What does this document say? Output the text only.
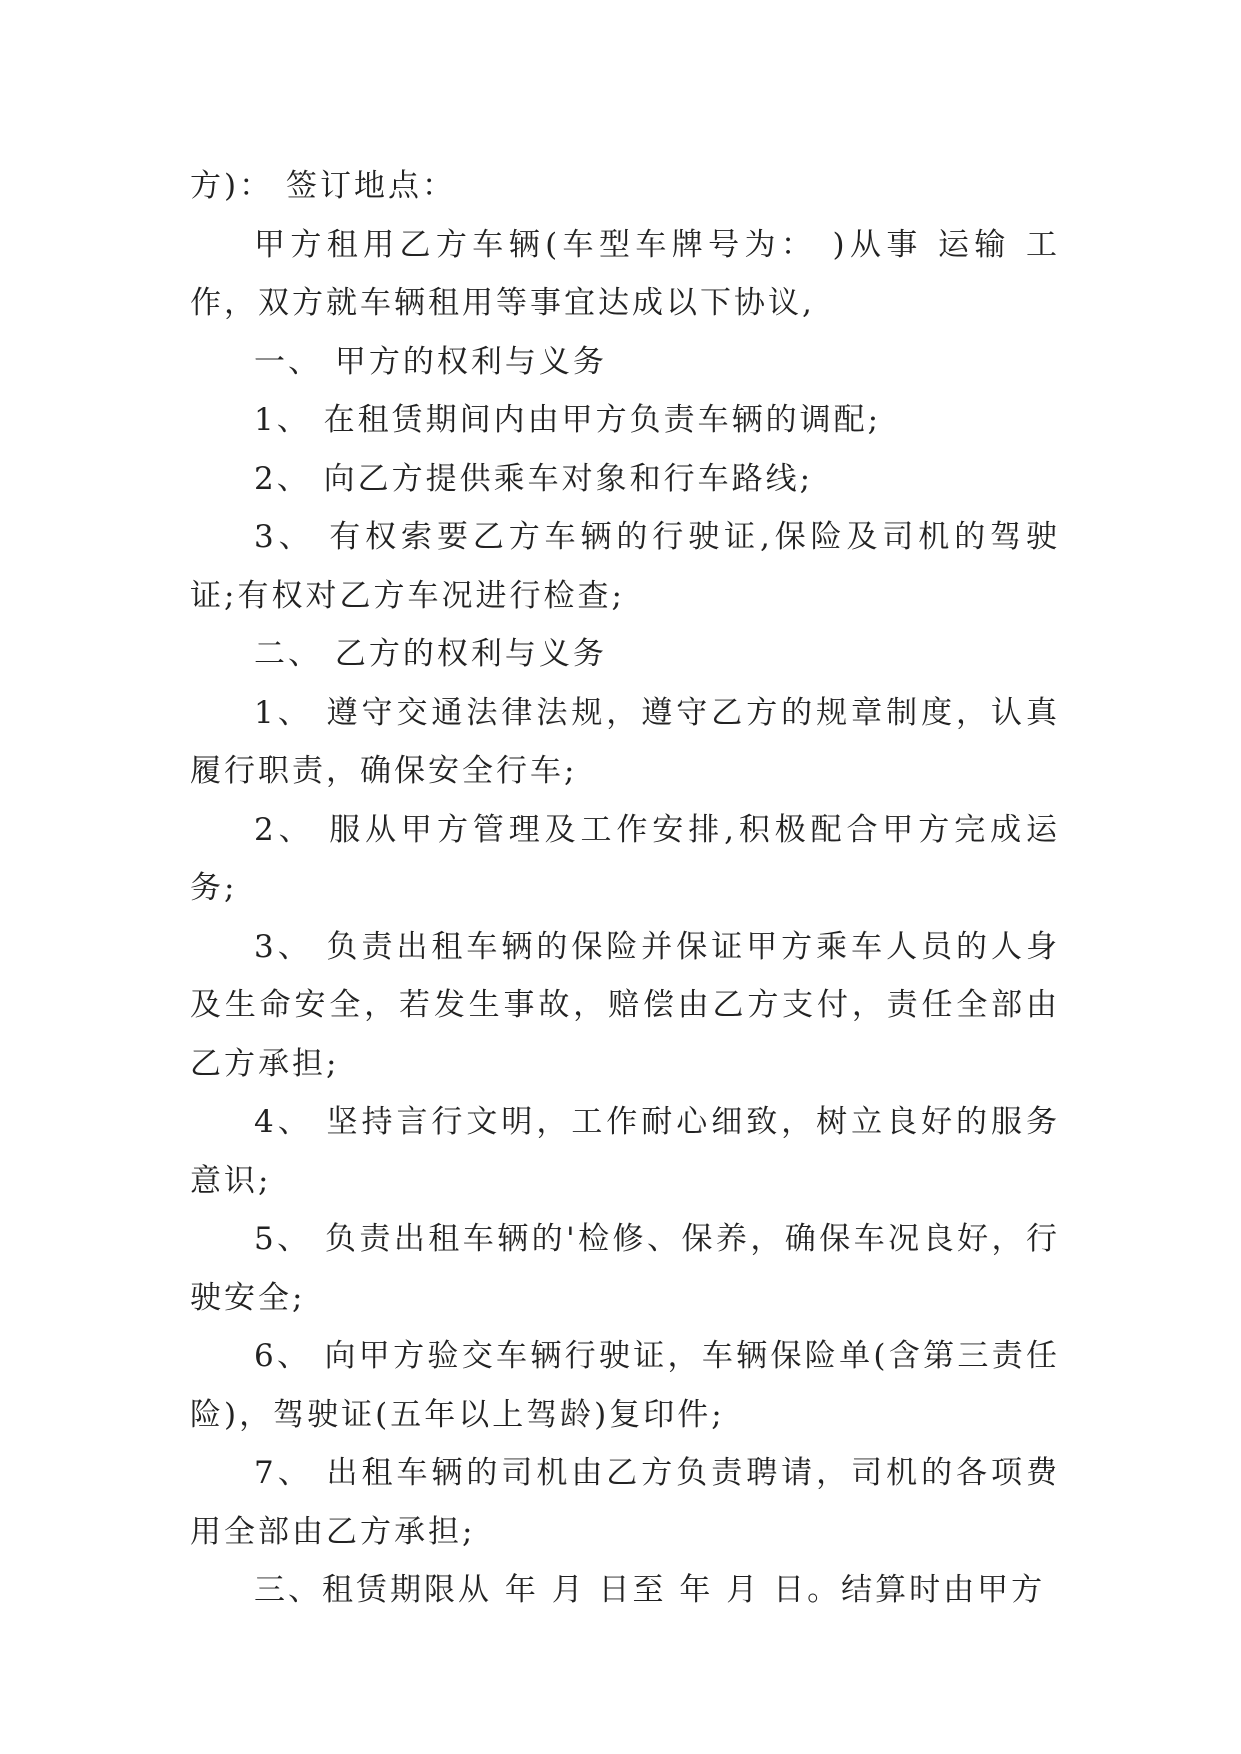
方)： 签订地点：

甲方租用乙方车辆(车型车牌号为： )从事 运输 工作，双方就车辆租用等事宜达成以下协议,

一、 甲方的权利与义务

1、 在租赁期间内由甲方负责车辆的调配;

2、 向乙方提供乘车对象和行车路线;

3、 有权索要乙方车辆的行驶证,保险及司机的驾驶证;有权对乙方车况进行检查;

二、 乙方的权利与义务

1、 遵守交通法律法规，遵守乙方的规章制度，认真履行职责，确保安全行车;

2、 服从甲方管理及工作安排,积极配合甲方完成运务;

3、 负责出租车辆的保险并保证甲方乘车人员的人身及生命安全，若发生事故，赔偿由乙方支付，责任全部由乙方承担;

4、 坚持言行文明，工作耐心细致，树立良好的服务意识;

5、 负责出租车辆的'检修、保养，确保车况良好，行驶安全;

6、 向甲方验交车辆行驶证，车辆保险单(含第三责任险)，驾驶证(五年以上驾龄)复印件;

7、 出租车辆的司机由乙方负责聘请，司机的各项费用全部由乙方承担;

三、租赁期限从 年 月 日至 年 月 日。结算时由甲方
